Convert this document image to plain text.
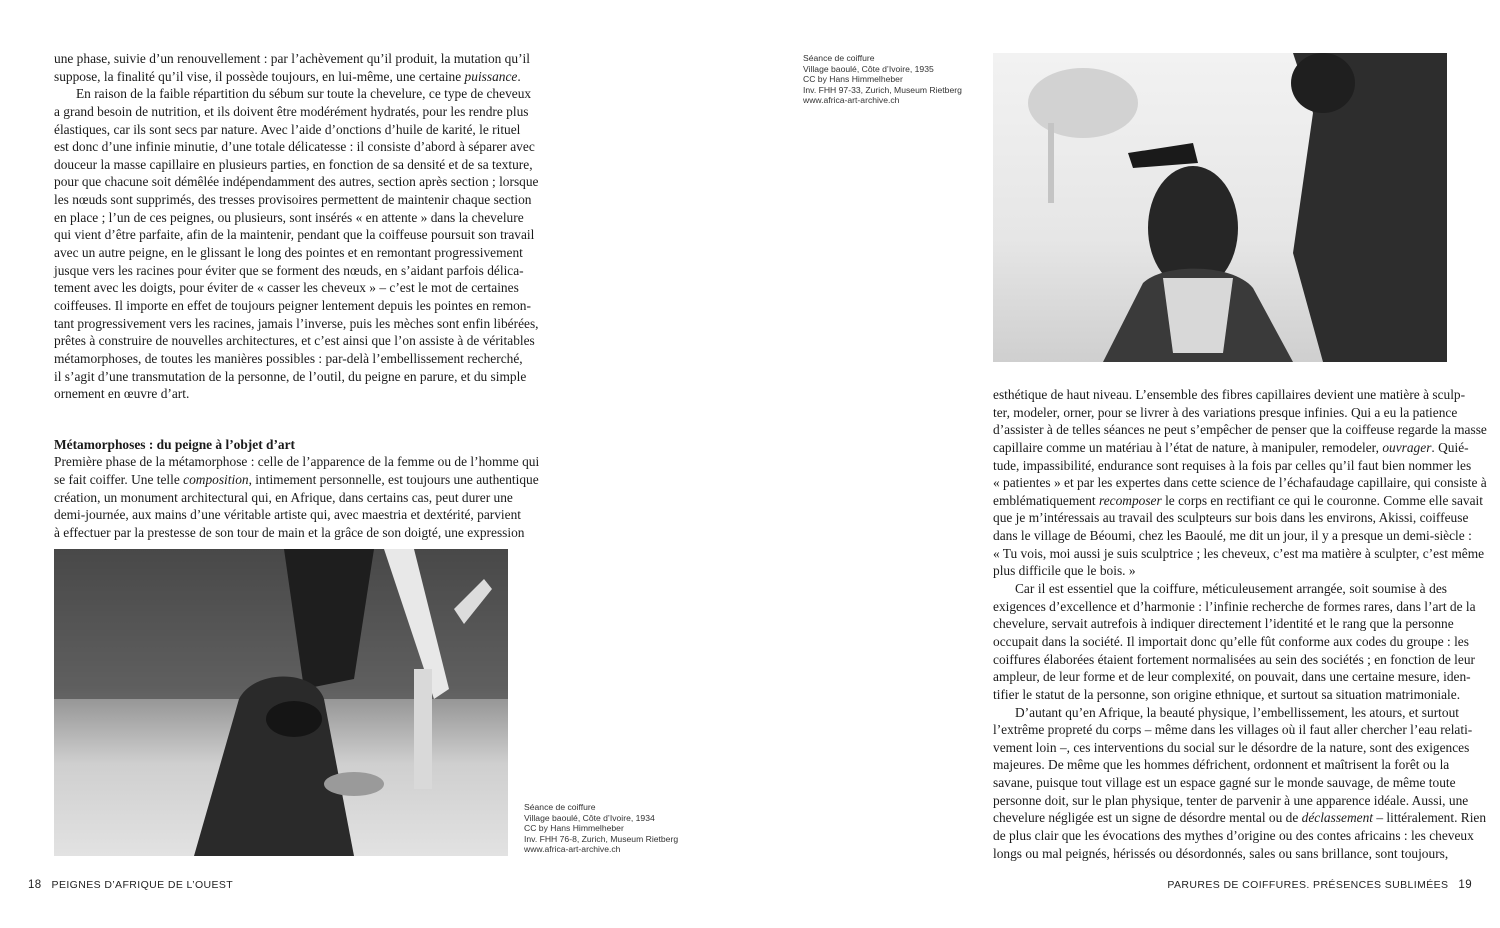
une phase, suivie d’un renouvellement : par l’achèvement qu’il produit, la mutation qu’il
suppose, la finalité qu’il vise, il possède toujours, en lui-même, une certaine puissance.
En raison de la faible répartition du sébum sur toute la chevelure, ce type de cheveux
a grand besoin de nutrition, et ils doivent être modérément hydratés, pour les rendre plus
élastiques, car ils sont secs par nature. Avec l’aide d’onctions d’huile de karité, le rituel
est donc d’une infinie minutie, d’une totale délicatesse : il consiste d’abord à séparer avec
douceur la masse capillaire en plusieurs parties, en fonction de sa densité et de sa texture,
pour que chacune soit démêlée indépendamment des autres, section après section ; lorsque
les nœuds sont supprimés, des tresses provisoires permettent de maintenir chaque section
en place ; l’un de ces peignes, ou plusieurs, sont insérés « en attente » dans la chevelure
qui vient d’être parfaite, afin de la maintenir, pendant que la coiffeuse poursuit son travail
avec un autre peigne, en le glissant le long des pointes et en remontant progressivement
jusque vers les racines pour éviter que se forment des nœuds, en s’aidant parfois délica-
tement avec les doigts, pour éviter de « casser les cheveux » – c’est le mot de certaines
coiffeuses. Il importe en effet de toujours peigner lentement depuis les pointes en remon-
tant progressivement vers les racines, jamais l’inverse, puis les mèches sont enfin libérées,
prêtes à construire de nouvelles architectures, et c’est ainsi que l’on assiste à de véritables
métamorphoses, de toutes les manières possibles : par-delà l’embellissement recherché,
il s’agit d’une transmutation de la personne, de l’outil, du peigne en parure, et du simple
ornement en œuvre d’art.
Métamorphoses : du peigne à l’objet d’art
Première phase de la métamorphose : celle de l’apparence de la femme ou de l’homme qui
se fait coiffer. Une telle composition, intimement personnelle, est toujours une authentique
création, un monument architectural qui, en Afrique, dans certains cas, peut durer une
demi-journée, aux mains d’une véritable artiste qui, avec maestria et dextérité, parvient
à effectuer par la prestesse de son tour de main et la grâce de son doigté, une expression
Séance de coiffure
Village baoulé, Côte d’Ivoire, 1934
CC by Hans Himmelheber
Inv. FHH 76-8, Zurich, Museum Rietberg
www.africa-art-archive.ch
18 PEIGNES D’AFRIQUE DE L’OUEST
Séance de coiffure
Village baoulé, Côte d’Ivoire, 1935
CC by Hans Himmelheber
Inv. FHH 97-33, Zurich, Museum Rietberg
www.africa-art-archive.ch
esthétique de haut niveau. L’ensemble des fibres capillaires devient une matière à sculp-
ter, modeler, orner, pour se livrer à des variations presque infinies. Qui a eu la patience
d’assister à de telles séances ne peut s’empêcher de penser que la coiffeuse regarde la masse
capillaire comme un matériau à l’état de nature, à manipuler, remodeler, ouvrager. Quié-
tude, impassibilité, endurance sont requises à la fois par celles qu’il faut bien nommer les
« patientes » et par les expertes dans cette science de l’échafaudage capillaire, qui consiste à
emblématiquement recomposer le corps en rectifiant ce qui le couronne. Comme elle savait
que je m’intéressais au travail des sculpteurs sur bois dans les environs, Akissi, coiffeuse
dans le village de Béoumi, chez les Baoulé, me dit un jour, il y a presque un demi-siècle :
« Tu vois, moi aussi je suis sculptrice ; les cheveux, c’est ma matière à sculpter, c’est même
plus difficile que le bois. »
Car il est essentiel que la coiffure, méticuleusement arrangée, soit soumise à des
exigences d’excellence et d’harmonie : l’infinie recherche de formes rares, dans l’art de la
chevelure, servait autrefois à indiquer directement l’identité et le rang que la personne
occupait dans la société. Il importait donc qu’elle fût conforme aux codes du groupe : les
coiffures élaborées étaient fortement normalisées au sein des sociétés ; en fonction de leur
ampleur, de leur forme et de leur complexité, on pouvait, dans une certaine mesure, iden-
tifier le statut de la personne, son origine ethnique, et surtout sa situation matrimoniale.
D’autant qu’en Afrique, la beauté physique, l’embellissement, les atours, et surtout
l’extrême propreté du corps – même dans les villages où il faut aller chercher l’eau relati-
vement loin –, ces interventions du social sur le désordre de la nature, sont des exigences
majeures. De même que les hommes défrichent, ordonnent et maîtrisent la forêt ou la
savane, puisque tout village est un espace gagné sur le monde sauvage, de même toute
personne doit, sur le plan physique, tenter de parvenir à une apparence idéale. Aussi, une
chevelure négligée est un signe de désordre mental ou de déclassement – littéralement. Rien
de plus clair que les évocations des mythes d’origine ou des contes africains : les cheveux
longs ou mal peignés, hérissés ou désordonnés, sales ou sans brillance, sont toujours,
PARURES DE COIFFURES. PRÉSENCES SUBLIMÉES 19
